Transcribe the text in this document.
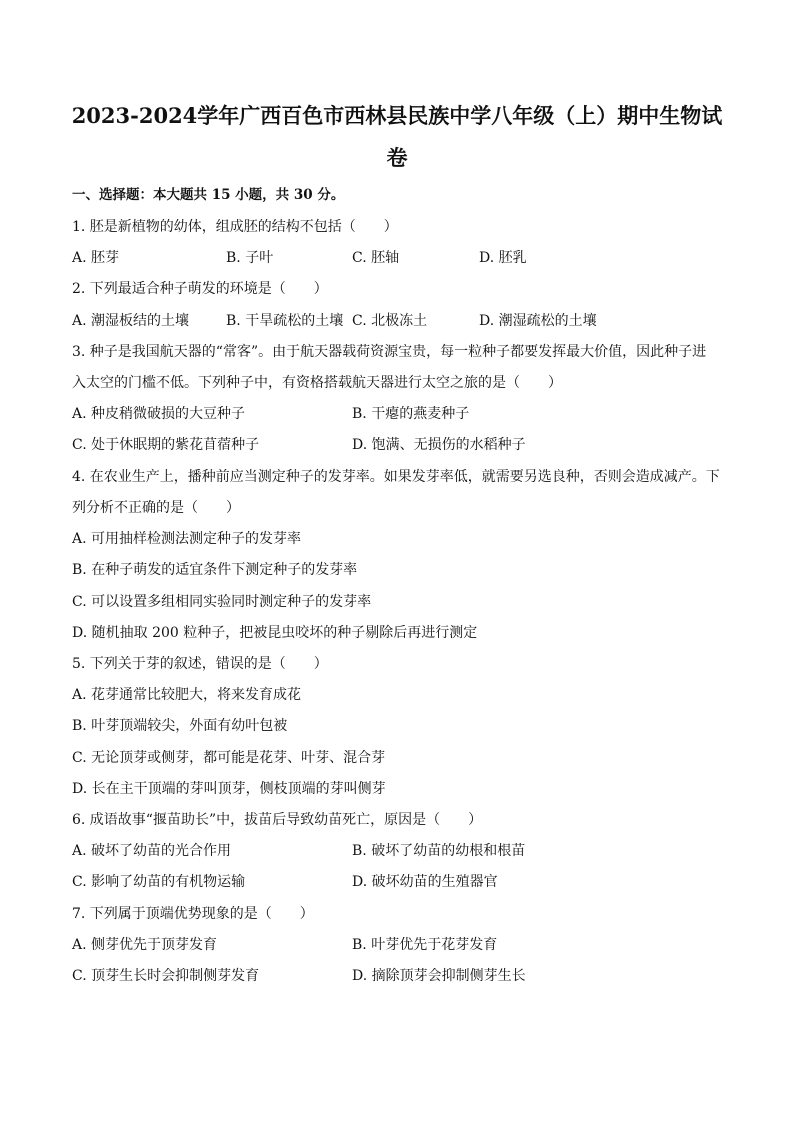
2023-2024学年广西百色市西林县民族中学八年级（上）期中生物试
卷
一、选择题：本大题共 15 小题，共 30 分。
1. 胚是新植物的幼体，组成胚的结构不包括（　　）
A. 胚芽	B. 子叶	C. 胚轴	D. 胚乳
2. 下列最适合种子萌发的环境是（　　）
A. 潮湿板结的土壤	B. 干旱疏松的土壤 C. 北极冻土	D. 潮湿疏松的土壤
3. 种子是我国航天器的“常客”。由于航天器载荷资源宝贵，每一粒种子都要发挥最大价值，因此种子进
入太空的门槛不低。下列种子中，有资格搭载航天器进行太空之旅的是（　　）
A. 种皮稍微破损的大豆种子	B. 干瘪的燕麦种子
C. 处于休眠期的紫花苜蓿种子	D. 饱满、无损伤的水稻种子
4. 在农业生产上，播种前应当测定种子的发芽率。如果发芽率低，就需要另选良种，否则会造成减产。下
列分析不正确的是（　　）
A. 可用抽样检测法测定种子的发芽率
B. 在种子萌发的适宜条件下测定种子的发芽率
C. 可以设置多组相同实验同时测定种子的发芽率
D. 随机抽取 200 粒种子，把被昆虫咬坏的种子剔除后再进行测定
5. 下列关于芽的叙述，错误的是（　　）
A. 花芽通常比较肥大，将来发育成花
B. 叶芽顶端较尖，外面有幼叶包被
C. 无论顶芽或侧芽，都可能是花芽、叶芽、混合芽
D. 长在主干顶端的芽叫顶芽，侧枝顶端的芽叫侧芽
6. 成语故事“揠苗助长”中，拔苗后导致幼苗死亡，原因是（　　）
A. 破坏了幼苗的光合作用	B. 破坏了幼苗的幼根和根苗
C. 影响了幼苗的有机物运输	D. 破坏幼苗的生殖器官
7. 下列属于顶端优势现象的是（　　）
A. 侧芽优先于顶芽发育	B. 叶芽优先于花芽发育
C. 顶芽生长时会抑制侧芽发育	D. 摘除顶芽会抑制侧芽生长
